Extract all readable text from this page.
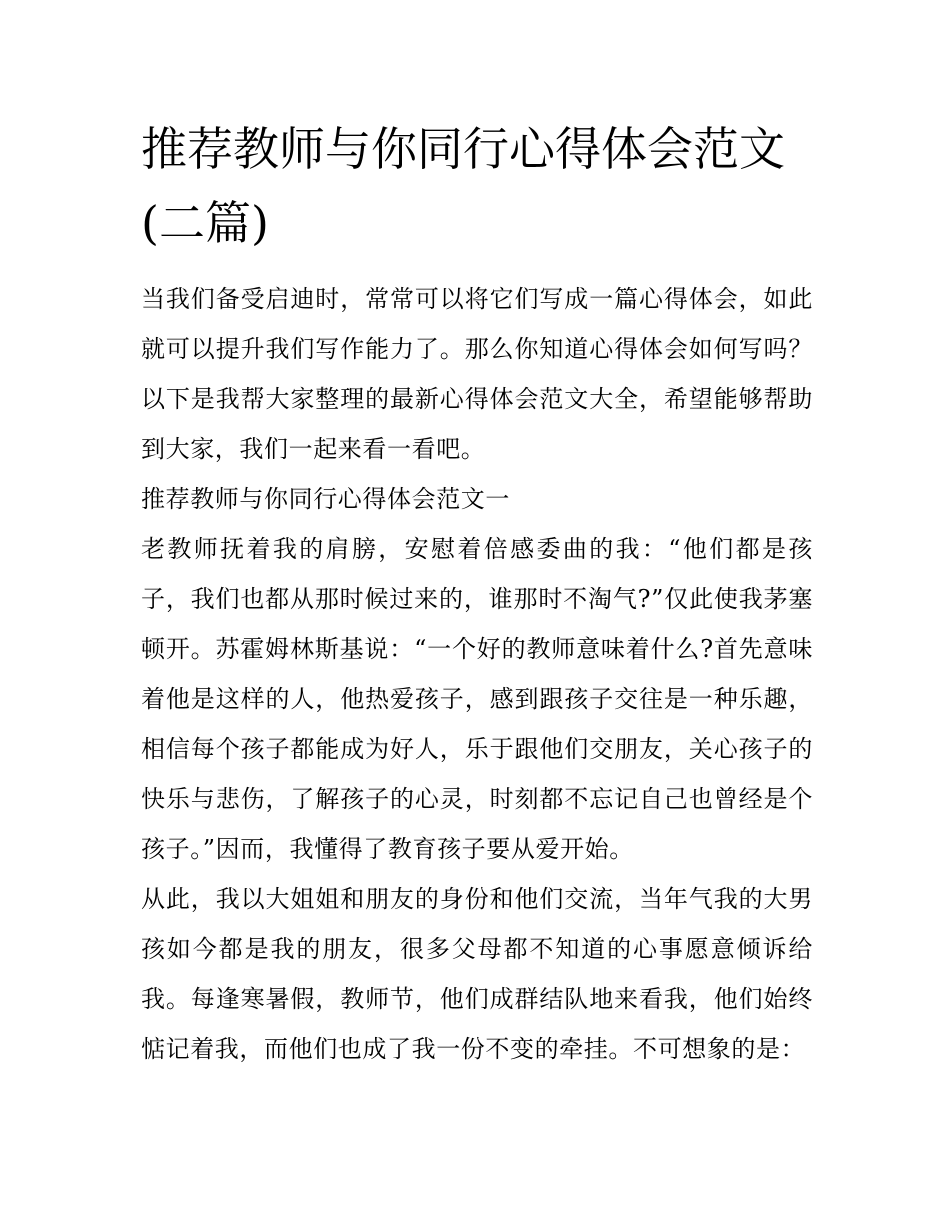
推荐教师与你同行心得体会范文(二篇)

当我们备受启迪时，常常可以将它们写成一篇心得体会，如此就可以提升我们写作能力了。那么你知道心得体会如何写吗？以下是我帮大家整理的最新心得体会范文大全，希望能够帮助到大家，我们一起来看一看吧。

推荐教师与你同行心得体会范文一

老教师抚着我的肩膀，安慰着倍感委曲的我：“他们都是孩子，我们也都从那时候过来的，谁那时不淘气?”仅此使我茅塞顿开。苏霍姆林斯基说：“一个好的教师意味着什么?首先意味着他是这样的人，他热爱孩子，感到跟孩子交往是一种乐趣，相信每个孩子都能成为好人，乐于跟他们交朋友，关心孩子的快乐与悲伤，了解孩子的心灵，时刻都不忘记自己也曾经是个孩子。”因而，我懂得了教育孩子要从爱开始。

从此，我以大姐姐和朋友的身份和他们交流，当年气我的大男孩如今都是我的朋友，很多父母都不知道的心事愿意倾诉给我。每逢寒暑假，教师节，他们成群结队地来看我，他们始终惦记着我，而他们也成了我一份不变的牵挂。不可想象的是：
